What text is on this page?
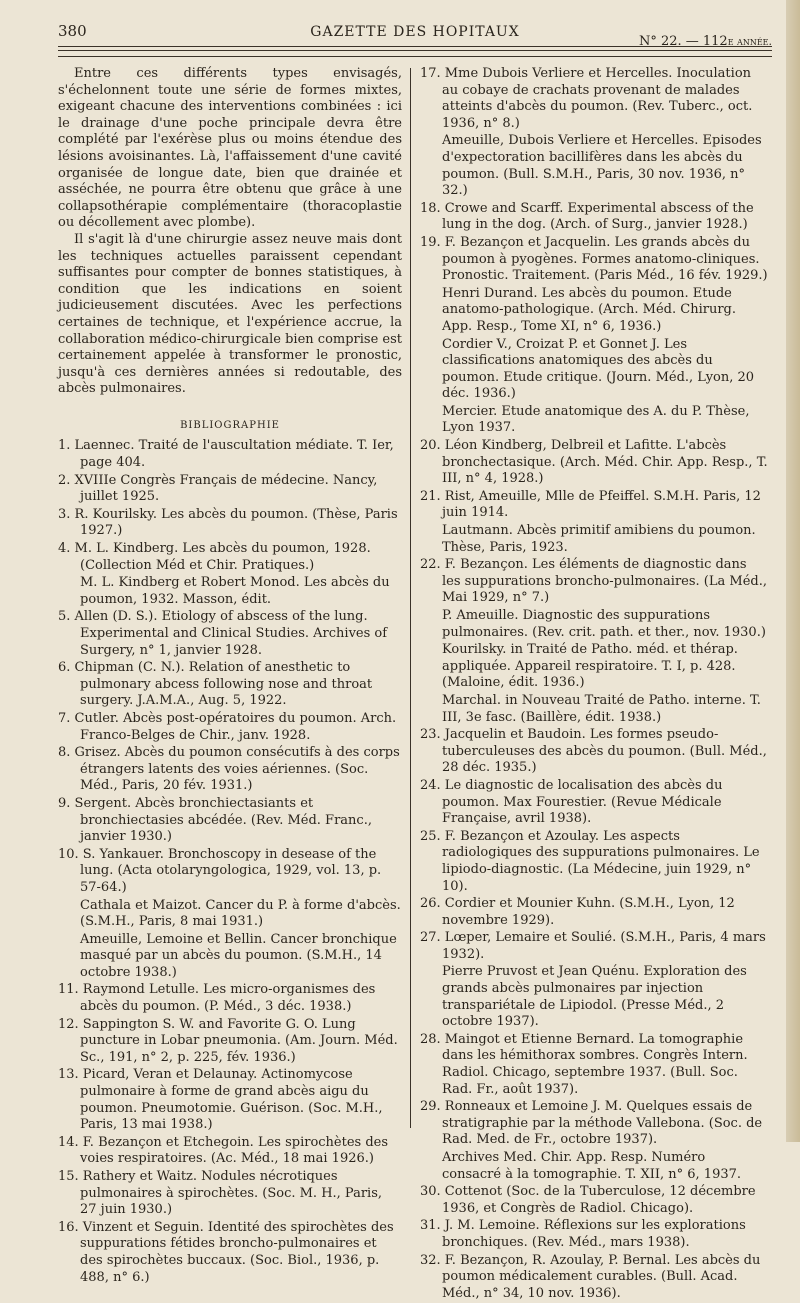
380	GAZETTE DES HOPITAUX
N° 22. — 112e année.

Entre ces différents types envisagés, s'échelonnent toute une série de formes mixtes, exigeant chacune des interventions combinées : ici le drainage d'une poche principale devra être complété par l'exérèse plus ou moins étendue des lésions avoisinantes. Là, l'affaissement d'une cavité organisée de longue date, bien que drainée et asséchée, ne pourra être obtenu que grâce à une collapsothérapie complémentaire (thoracoplastie ou décollement avec plombe).

Il s'agit là d'une chirurgie assez neuve mais dont les techniques actuelles paraissent cependant suffisantes pour compter de bonnes statistiques, à condition que les indications en soient judicieusement discutées. Avec les perfections certaines de technique, et l'expérience accrue, la collaboration médico-chirurgicale bien comprise est certainement appelée à transformer le pronostic, jusqu'à ces dernières années si redoutable, des abcès pulmonaires.

BIBLIOGRAPHIE
1. Laennec. Traité de l'auscultation médiate. T. Ier, page 404.
2. XVIIIe Congrès Français de médecine. Nancy, juillet 1925.
3. R. Kourilsky. Les abcès du poumon. (Thèse, Paris 1927.)
4. M. L. Kindberg. Les abcès du poumon, 1928. (Collection Méd et Chir. Pratiques.)
M. L. Kindberg et Robert Monod. Les abcès du poumon, 1932. Masson, édit.
5. Allen (D. S.). Etiology of abscess of the lung. Experimental and Clinical Studies. Archives of Surgery, n° 1, janvier 1928.
6. Chipman (C. N.). Relation of anesthetic to pulmonary abcess following nose and throat surgery. J.A.M.A., Aug. 5, 1922.
7. Cutler. Abcès post-opératoires du poumon. Arch. Franco-Belges de Chir., janv. 1928.
8. Grisez. Abcès du poumon consécutifs à des corps étrangers latents des voies aériennes. (Soc. Méd., Paris, 20 fév. 1931.)
9. Sergent. Abcès bronchiectasiants et bronchiectasies abcédée. (Rev. Méd. Franc., janvier 1930.)
10. S. Yankauer. Bronchoscopy in desease of the lung. (Acta otolaryngologica, 1929, vol. 13, p. 57-64.)
Cathala et Maizot. Cancer du P. à forme d'abcès. (S.M.H., Paris, 8 mai 1931.)
Ameuille, Lemoine et Bellin. Cancer bronchique masqué par un abcès du poumon. (S.M.H., 14 octobre 1938.)
11. Raymond Letulle. Les micro-organismes des abcès du poumon. (P. Méd., 3 déc. 1938.)
12. Sappington S. W. and Favorite G. O. Lung puncture in Lobar pneumonia. (Am. Journ. Méd. Sc., 191, n° 2, p. 225, fév. 1936.)
13. Picard, Veran et Delaunay. Actinomycose pulmonaire à forme de grand abcès aigu du poumon. Pneumotomie. Guérison. (Soc. M.H., Paris, 13 mai 1938.)
14. F. Bezançon et Etchegoin. Les spirochètes des voies respiratoires. (Ac. Méd., 18 mai 1926.)
15. Rathery et Waitz. Nodules nécrotiques pulmonaires à spirochètes. (Soc. M. H., Paris, 27 juin 1930.)
16. Vinzent et Seguin. Identité des spirochètes des suppurations fétides broncho-pulmonaires et des spirochètes buccaux. (Soc. Biol., 1936, p. 488, n° 6.)
17. Mme Dubois Verliere et Hercelles. Inoculation au cobaye de crachats provenant de malades atteints d'abcès du poumon. (Rev. Tuberc., oct. 1936, n° 8.)
Ameuille, Dubois Verliere et Hercelles. Episodes d'expectoration bacillifères dans les abcès du poumon. (Bull. S.M.H., Paris, 30 nov. 1936, n° 32.)
18. Crowe and Scarff. Experimental abscess of the lung in the dog. (Arch. of Surg., janvier 1928.)
19. F. Bezançon et Jacquelin. Les grands abcès du poumon à pyogènes. Formes anatomo-cliniques. Pronostic. Traitement. (Paris Méd., 16 fév. 1929.)
Henri Durand. Les abcès du poumon. Etude anatomo-pathologique. (Arch. Méd. Chirurg. App. Resp., Tome XI, n° 6, 1936.)
Cordier V., Croizat P. et Gonnet J. Les classifications anatomiques des abcès du poumon. Etude critique. (Journ. Méd., Lyon, 20 déc. 1936.)
Mercier. Etude anatomique des A. du P. Thèse, Lyon 1937.
20. Léon Kindberg, Delbreil et Lafitte. L'abcès bronchectasique. (Arch. Méd. Chir. App. Resp., T. III, n° 4, 1928.)
21. Rist, Ameuille, Mlle de Pfeiffel. S.M.H. Paris, 12 juin 1914.
Lautmann. Abcès primitif amibiens du poumon. Thèse, Paris, 1923.
22. F. Bezançon. Les éléments de diagnostic dans les suppurations broncho-pulmonaires. (La Méd., Mai 1929, n° 7.)
P. Ameuille. Diagnostic des suppurations pulmonaires. (Rev. crit. path. et ther., nov. 1930.)
Kourilsky. in Traité de Patho. méd. et thérap. appliquée. Appareil respiratoire. T. I, p. 428.(Maloine, édit. 1936.)
Marchal. in Nouveau Traité de Patho. interne. T. III, 3e fasc. (Baillère, édit. 1938.)
23. Jacquelin et Baudoin. Les formes pseudo-tuberculeuses des abcès du poumon. (Bull. Méd., 28 déc. 1935.)
24. Le diagnostic de localisation des abcès du poumon. Max Fourestier. (Revue Médicale Française, avril 1938).
25. F. Bezançon et Azoulay. Les aspects radiologiques des suppurations pulmonaires. Le lipiodo-diagnostic. (La Médecine, juin 1929, n° 10).
26. Cordier et Mounier Kuhn. (S.M.H., Lyon, 12 novembre 1929).
27. Lœper, Lemaire et Soulié. (S.M.H., Paris, 4 mars 1932).
Pierre Pruvost et Jean Quénu. Exploration des grands abcès pulmonaires par injection transpariétale de Lipiodol. (Presse Méd., 2 octobre 1937).
28. Maingot et Etienne Bernard. La tomographie dans les hémithorax sombres. Congrès Intern. Radiol. Chicago, septembre 1937. (Bull. Soc. Rad. Fr., août 1937).
29. Ronneaux et Lemoine J. M. Quelques essais de stratigraphie par la méthode Vallebona. (Soc. de Rad. Med. de Fr., octobre 1937).
Archives Med. Chir. App. Resp. Numéro consacré à la tomographie. T. XII, n° 6, 1937.
30. Cottenot (Soc. de la Tuberculose, 12 décembre 1936, et Congrès de Radiol. Chicago).
31. J. M. Lemoine. Réflexions sur les explorations bronchiques. (Rev. Méd., mars 1938).
32. F. Bezançon, R. Azoulay, P. Bernal. Les abcès du poumon médicalement curables. (Bull. Acad. Méd., n° 34, 10 nov. 1936).
